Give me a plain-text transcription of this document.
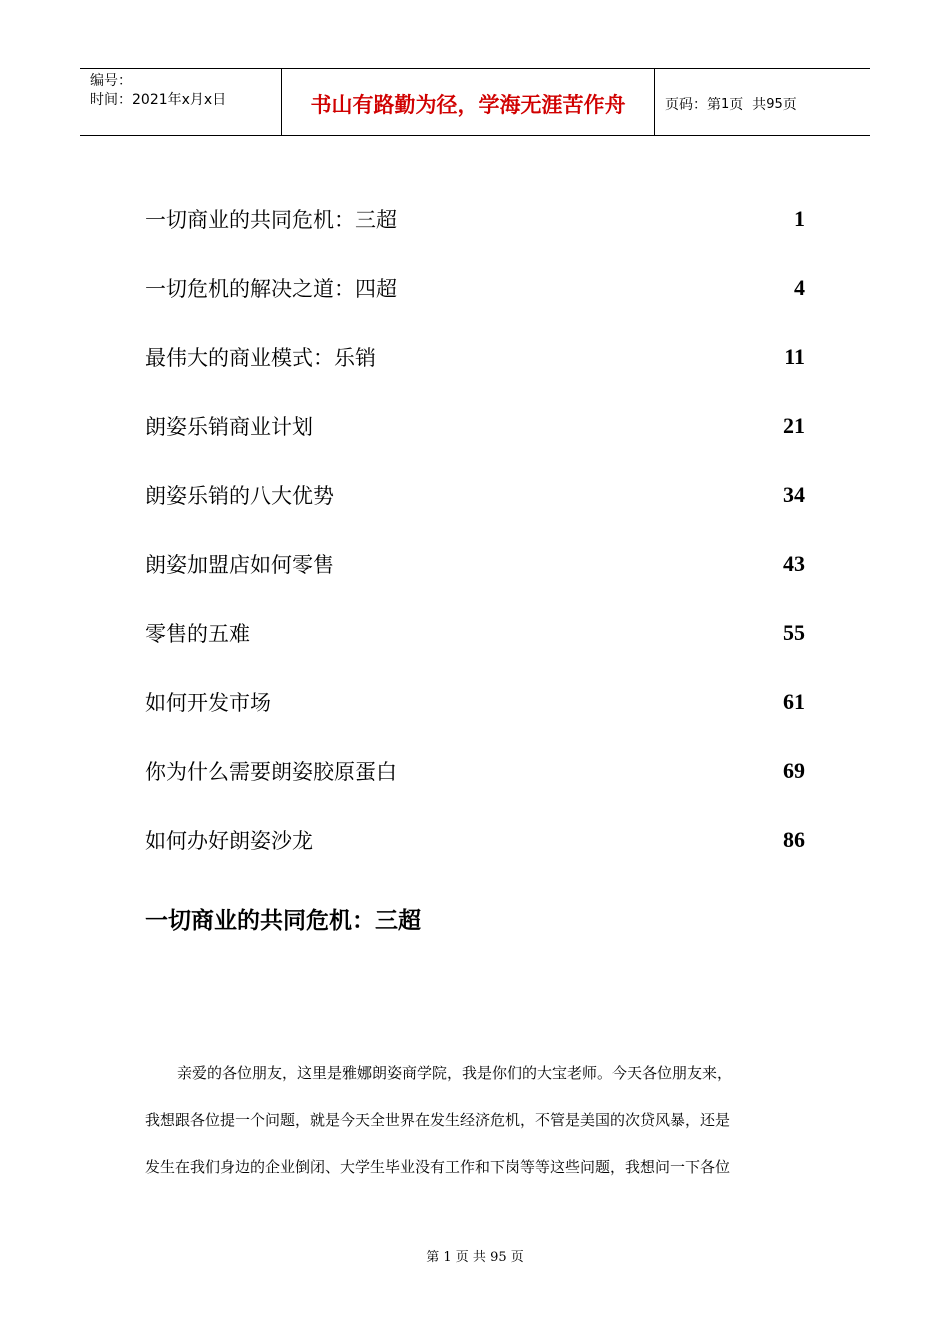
编号：
时间：2021年x月x日	书山有路勤为径，学海无涯苦作舟	页码：第 1 页  共 95 页
一切商业的共同危机：三超	1
一切危机的解决之道：四超	4
最伟大的商业模式：乐销	11
朗姿乐销商业计划	21
朗姿乐销的八大优势	34
朗姿加盟店如何零售	43
零售的五难	55
如何开发市场	61
你为什么需要朗姿胶原蛋白	69
如何办好朗姿沙龙	86
一切商业的共同危机：三超

亲爱的各位朋友，这里是雅娜朗姿商学院，我是你们的大宝老师。今天各位朋友来，
我想跟各位提一个问题，就是今天全世界在发生经济危机，不管是美国的次贷风暴，还是
发生在我们身边的企业倒闭、大学生毕业没有工作和下岗等等这些问题，我想问一下各位

第 1 页 共 95 页
